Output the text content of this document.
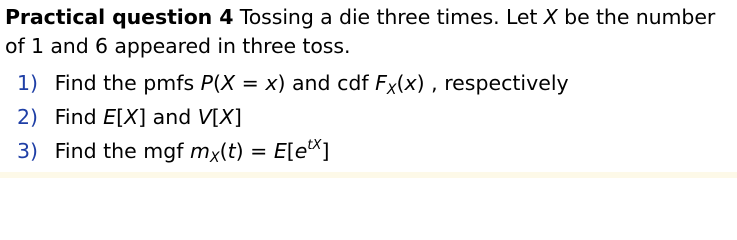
Practical question 4 Tossing a die three times. Let X be the number of 1 and 6 appeared in three toss.
1) Find the pmfs P(X = x) and cdf $F_X(x)$ , respectively
2) Find E[X] and V[X]
3) Find the mgf $m_X(t) = E[e^{tX}]$
